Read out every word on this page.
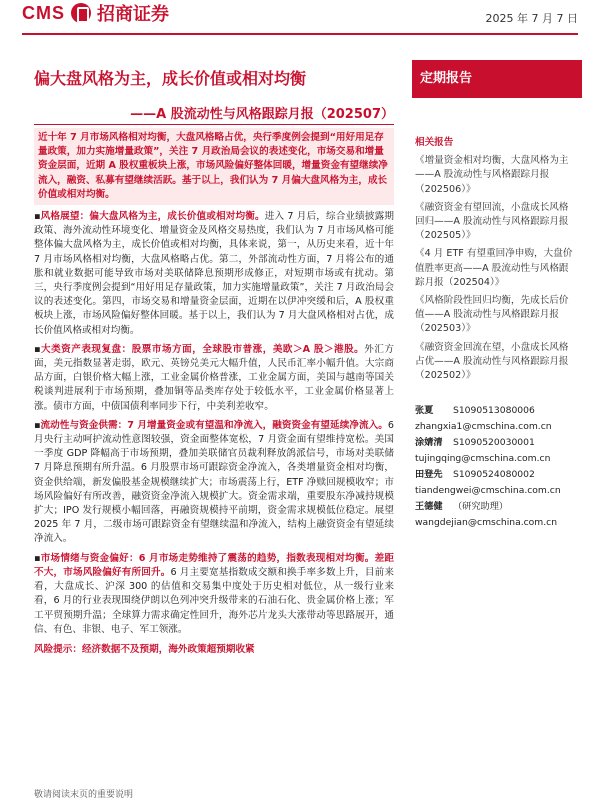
CMS 招商证券	2025 年 7 月 7 日
偏大盘风格为主，成长价值或相对均衡
——A 股流动性与风格跟踪月报（202507）
定期报告
近十年 7 月市场风格相对均衡，大盘风格略占优，央行季度例会提到“用好用足存量政策，加力实施增量政策”，关注 7 月政治局会议的表述变化，市场交易和增量资金层面，近期 A 股权重板块上涨，市场风险偏好整体回暖，增量资金有望继续净流入，融资、私募有望继续活跃。基于以上，我们认为 7 月偏大盘风格为主，成长价值或相对均衡。
▪风格展望：偏大盘风格为主，成长价值或相对均衡。进入 7 月后，综合业绩披露期政策、海外流动性环境变化、增量资金及风格交易热度，我们认为 7 月市场风格可能整体偏大盘风格为主，成长价值或相对均衡，具体来说，第一，从历史来看，近十年 7 月市场风格相对均衡，大盘风格略占优。第二，外部流动性方面，7 月将公布的通胀和就业数据可能导致市场对美联储降息预期形成修正，对短期市场或有扰动。第三，央行季度例会提到“用好用足存量政策，加力实施增量政策”，关注 7 月政治局会议的表述变化。第四，市场交易和增量资金层面，近期在以伊冲突缓和后，A 股权重板块上涨，市场风险偏好整体回暖。基于以上，我们认为 7 月大盘风格相对占优，成长价值风格或相对均衡。
▪大类资产表现复盘：股票市场方面，全球股市普涨，美欧＞A 股＞港股。外汇方面，美元指数显著走弱，欧元、英镑兑美元大幅升值，人民币汇率小幅升值。大宗商品方面，白银价格大幅上涨，工业金属价格普涨，工业金属方面，美国与越南等国关税谈判进展利于市场预期，叠加铜等品类库存处于较低水平，工业金属价格显著上涨。债市方面，中债国债利率同步下行，中美利差收窄。
▪流动性与资金供需：7 月增量资金或有望温和净流入，融资资金有望延续净流入。6 月央行主动呵护流动性意图较强，资金面整体宽松，7 月资金面有望维持宽松。美国一季度 GDP 降幅高于市场预期，叠加美联储官员裁利释放鸽派信号，市场对美联储 7 月降息预期有所升温。6 月股票市场可跟踪资金净流入，各类增量资金相对均衡，资金供给端，新发偏股基金规模继续扩大；市场震荡上行，ETF 净赎回规模收窄；市场风险偏好有所改善，融资资金净流入规模扩大。资金需求端，重要股东净减持规模扩大；IPO 发行规模小幅回落，再融资规模持平前期，资金需求规模低位稳定。展望 2025 年 7 月，二级市场可跟踪资金有望继续温和净流入，结构上融资资金有望延续净流入。
▪市场情绪与资金偏好：6 月市场走势维持了震荡的趋势，指数表现相对均衡。差距不大，市场风险偏好有所回升。6 月主要宽基指数成交额和换手率多数上升，目前来看，大盘成长、沪深 300 的估值和交易集中度处于历史相对低位，从一级行业来看，6 月的行业表现围绕伊朗以色列冲突升级带来的石油石化、贵金属价格上涨；军工平贸预期升温；全球算力需求确定性回升，海外芯片龙头大涨带动等思路展开，通信、有色、非银、电子、军工领涨。
风险提示：经济数据不及预期，海外政策超预期收紧
相关报告
《增量资金相对均衡，大盘风格为主——A 股流动性与风格跟踪月报（202506）》
《融资资金有望回流，小盘成长风格回归——A 股流动性与风格跟踪月报（202505）》
《4 月 ETF 有望重回净申购，大盘价值胜率更高——A 股流动性与风格跟踪月报（202504）》
《风格阶段性回归均衡，先成长后价值——A 股流动性与风格跟踪月报（202503）》
《融资资金回流在望，小盘成长风格占优——A 股流动性与风格跟踪月报（202502）》
张夏 S1090513080006
zhangxia1@cmschina.com.cn
涂婧清 S1090520030001
tujingqing@cmschina.com.cn
田登先 S1090524080002
tiandengwei@cmschina.com.cn
王德健 （研究助理）
wangdejian@cmschina.com.cn
敬请阅读末页的重要说明
